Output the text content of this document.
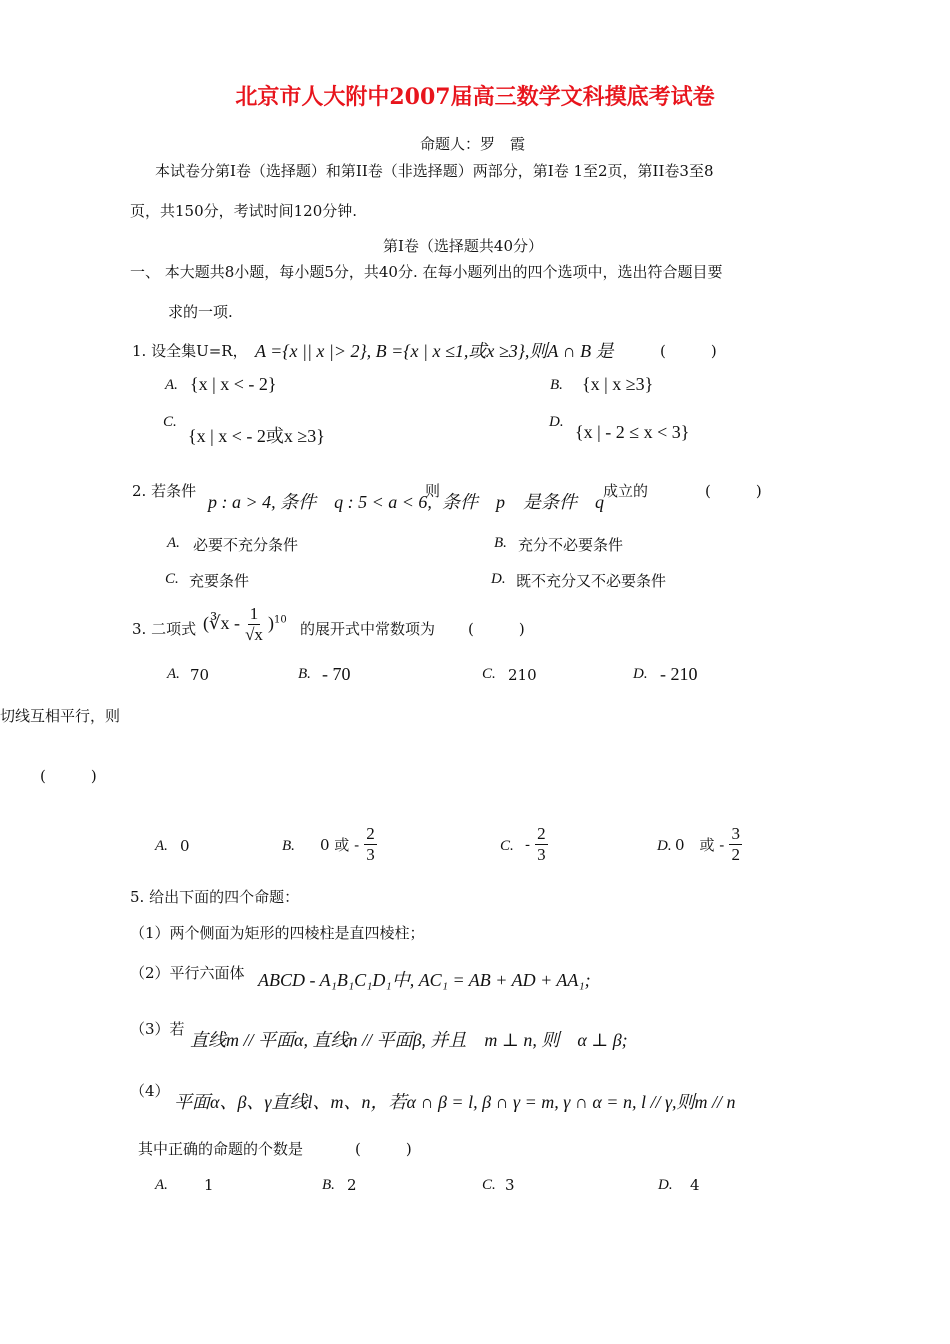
北京市人大附中2007届高三数学文科摸底考试卷
命题人：罗　霞
本试卷分第I卷（选择题）和第II卷（非选择题）两部分，第I卷 1至2页，第II卷3至8
页，共150分，考试时间120分钟.
第I卷（选择题共40分）
一、 本大题共8小题，每小题5分，共40分. 在每小题列出的四个选项中，选出符合题目要
求的一项.
1. 设全集U=R， A ={x || x |> 2}, B ={x | x ≤1,或x ≥3},则A ∩ B 是	(　　　)
A. {x | x < - 2}	B. {x | x ≥3}
C.
{x | x < - 2或x ≥3}
D. {x | - 2 ≤ x < 3}
2. 若条件
p : a > 4, 条件　q : 5 < a < 6,
则
条件　p　是条件　q
成立的	(　　　)
A. 必要不充分条件	B. 充分不必要条件
C. 充要条件	D. 既不充分又不必要条件
3. 二项式 (∛x - $\frac{1}{√x} )^{10}$ 的展开式中常数项为 (　　　)
A. 70	B. - 70	C. 210	D. - 210
切线互相平行，则
(　　　)
A. 0	B. 0 或 - $\frac{2}{3}$	C. - $\frac{2}{3}$	D. 0　或 - $\frac{3}{2}$
5. 给出下面的四个命题：
（1）两个侧面为矩形的四棱柱是直四棱柱；
（2）平行六面体 ABCD - A₁B₁C₁D₁中, AC₁ = AB + AD + AA₁;
（3）若
直线m // 平面α, 直线n // 平面β, 并且　m ⊥ n, 则　α ⊥ β;
（4）
平面α、β、γ直线l、m、n，若α ∩ β = l, β ∩ γ = m, γ ∩ α = n, l // γ,则m // n
其中正确的命题的个数是	(　　　)
A. 1	B. 2	C. 3	D. 4
